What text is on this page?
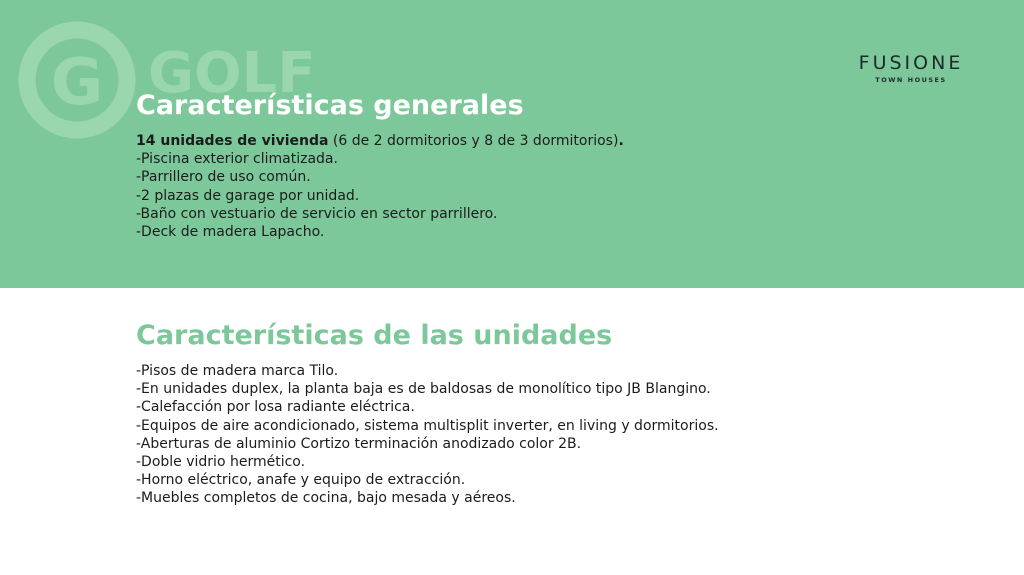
G GOLF	FUSIONE
TOWN HOUSES
Características generales
14 unidades de vivienda (6 de 2 dormitorios y 8 de 3 dormitorios).
-Piscina exterior climatizada.
-Parrillero de uso común.
-2 plazas de garage por unidad.
-Baño con vestuario de servicio en sector parrillero.
-Deck de madera Lapacho.
Características de las unidades
-Pisos de madera marca Tilo.
-En unidades duplex, la planta baja es de baldosas de monolítico tipo JB Blangino.
-Calefacción por losa radiante eléctrica.
-Equipos de aire acondicionado, sistema multisplit inverter, en living y dormitorios.
-Aberturas de aluminio Cortizo terminación anodizado color 2B.
-Doble vidrio hermético.
-Horno eléctrico, anafe y equipo de extracción.
-Muebles completos de cocina, bajo mesada y aéreos.
